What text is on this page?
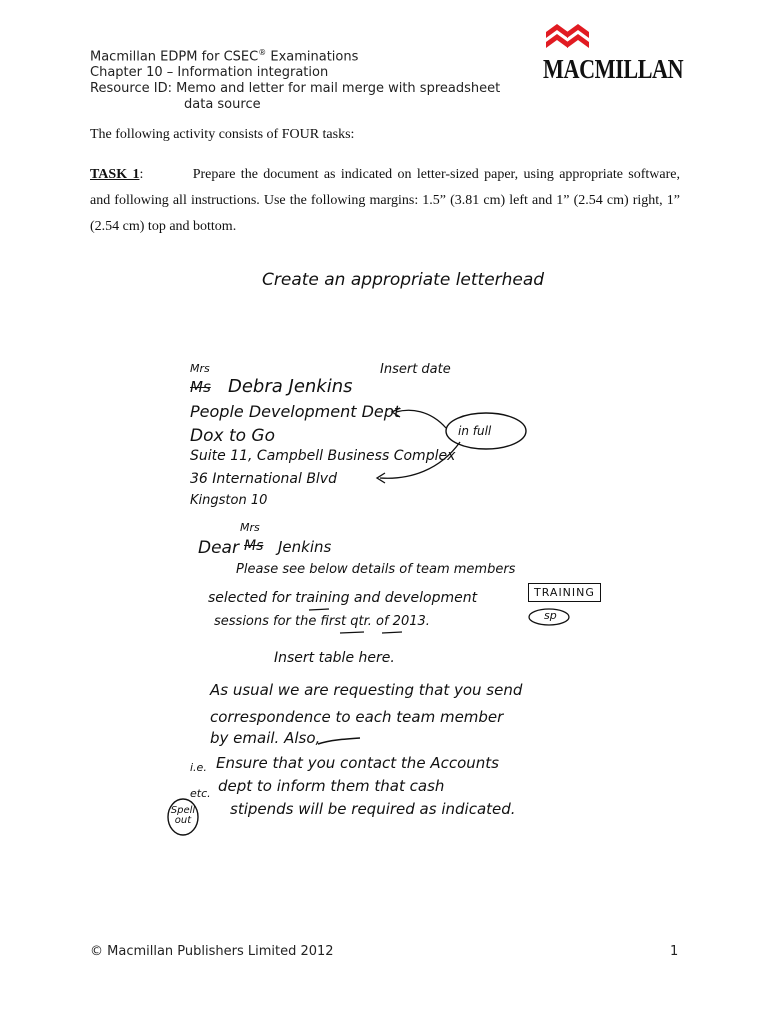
Macmillan EDPM for CSEC® Examinations
Chapter 10 – Information integration
Resource ID: Memo and letter for mail merge with spreadsheet
data source
MACMILLAN
The following activity consists of FOUR tasks:
TASK 1:	Prepare the document as indicated on letter-sized paper, using appropriate software, and following all instructions. Use the following margins: 1.5” (3.81 cm) left and 1” (2.54 cm) right, 1” (2.54 cm) top and bottom.
Create an appropriate letterhead
Insert date
Mrs
Ms Debra Jenkins
People Development Dept
Dox to Go
Suite 11, Campbell Business Complex
36 International Blvd
Kingston 10
in full
Mrs
Dear Ms Jenkins
Please see below details of team members
selected for training and development
sessions for the first qtr. of 2013.
TRAINING
sp
Insert table here.
As usual we are requesting that you send
correspondence to each team member
by email. Also,
i.e. Ensure that you contact the Accounts
etc. dept to inform them that cash
Spell out
stipends will be required as indicated.
© Macmillan Publishers Limited 2012	1
